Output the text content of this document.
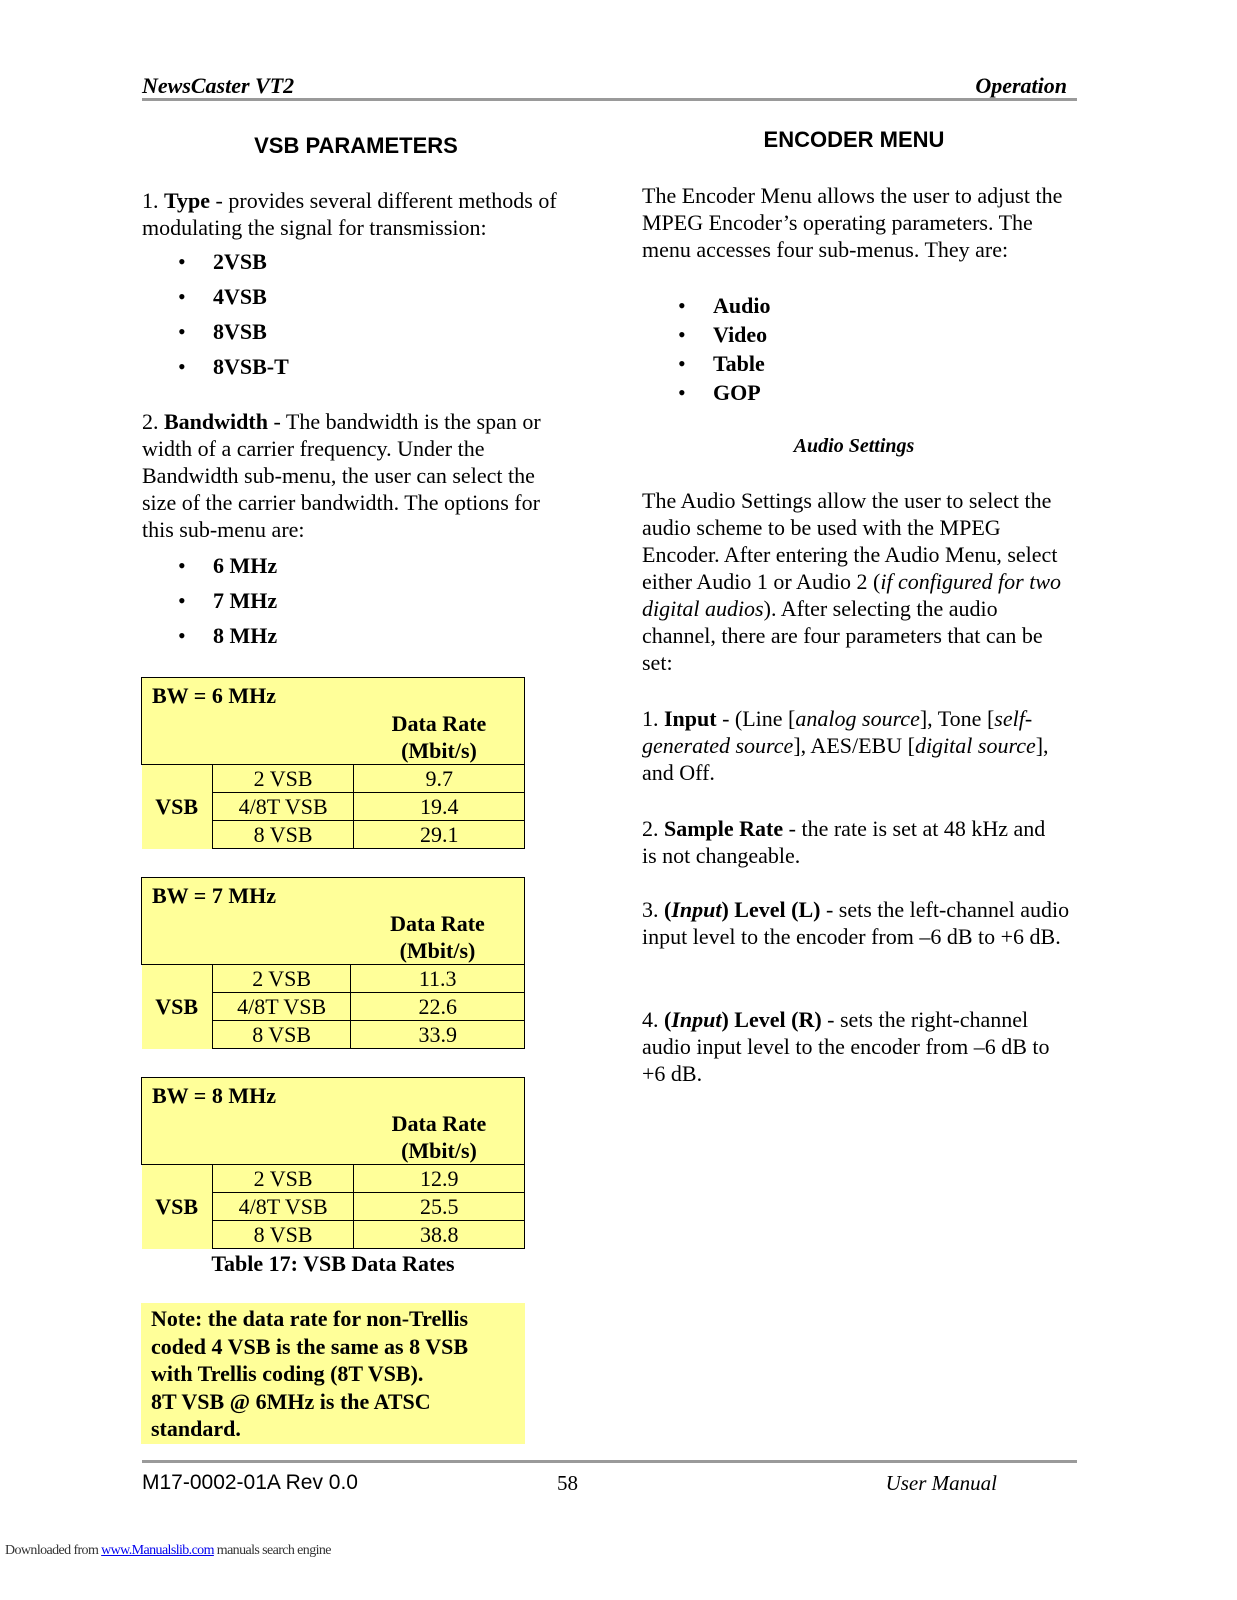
NewsCaster VT2	Operation
VSB PARAMETERS
1. Type - provides several different methods of modulating the signal for transmission:
• 2VSB
• 4VSB
• 8VSB
• 8VSB-T
2. Bandwidth - The bandwidth is the span or width of a carrier frequency. Under the Bandwidth sub-menu, the user can select the size of the carrier bandwidth. The options for this sub-menu are:
• 6 MHz
• 7 MHz
• 8 MHz
BW = 6 MHz		Data Rate
(Mbit/s)

VSB	2 VSB	9.7
	4/8T VSB	19.4
	8 VSB	29.1
BW = 7 MHz		Data Rate
(Mbit/s)

VSB	2 VSB	11.3
	4/8T VSB	22.6
	8 VSB	33.9
BW = 8 MHz		Data Rate
(Mbit/s)

VSB	2 VSB	12.9
	4/8T VSB	25.5
	8 VSB	38.8
Table 17: VSB Data Rates
Note: the data rate for non-Trellis
coded 4 VSB is the same as 8 VSB
with Trellis coding (8T VSB).
8T VSB @ 6MHz is the ATSC
standard.
ENCODER MENU
The Encoder Menu allows the user to adjust the MPEG Encoder’s operating parameters. The menu accesses four sub-menus. They are:
• Audio
• Video
• Table
• GOP
Audio Settings
The Audio Settings allow the user to select the audio scheme to be used with the MPEG Encoder. After entering the Audio Menu, select either Audio 1 or Audio 2 (if configured for two digital audios). After selecting the audio channel, there are four parameters that can be set:
1. Input - (Line [analog source], Tone [self-generated source], AES/EBU [digital source], and Off.
2. Sample Rate - the rate is set at 48 kHz and is not changeable.
3. (Input) Level (L) - sets the left-channel audio input level to the encoder from –6 dB to +6 dB.
4. (Input) Level (R) - sets the right-channel audio input level to the encoder from –6 dB to +6 dB.
M17-0002-01A Rev 0.0	58	User Manual
Downloaded from www.Manualslib.com manuals search engine
